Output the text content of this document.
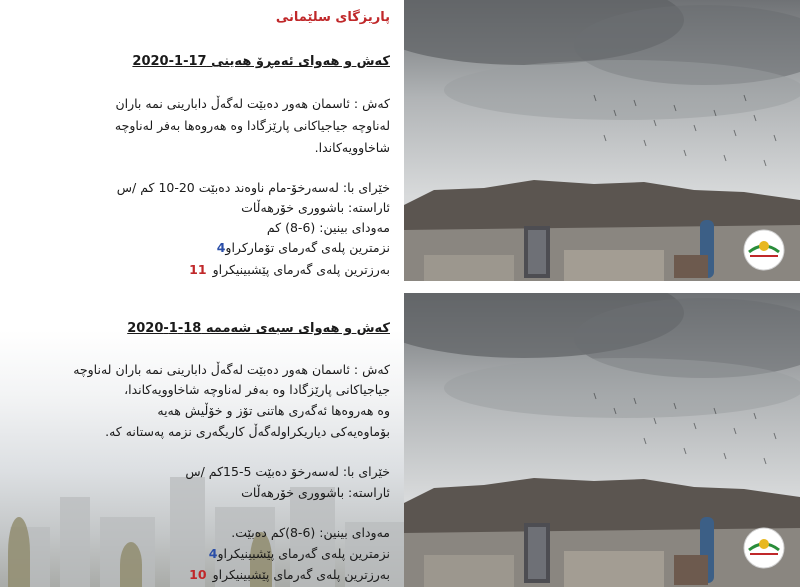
پاریزگای سلێمانی
کەش و هەوای ئەمڕۆ هەینی 17-1-2020
کەش : ئاسمان هەور دەبێت لەگەڵ دابارینی نمە باران
لەناوچە جیاجیاکانی پارێزگادا وە هەروەها بەفر لەناوچە
شاخاوویەکاندا.
خێرای با: لەسەرخۆ-مام ناوەند دەبێت 20-10 کم /س
ئاراستە: باشووری خۆرهەڵات
مەودای بینین: (6-8) کم
نزمترین پلەی گەرمای تۆمارکراو4
بەرزترین پلەی گەرمای پێشبینیکراو11
کەش و هەوای سبەی شەممە 18-1-2020
کەش : ئاسمان هەور دەبێت لەگەڵ دابارینی نمە باران لەناوچە
جیاجیاکانی پارێزگادا وە بەفر لەناوچە شاخاوویەکاندا،
وە هەروەها ئەگەری هاتنی تۆز و خۆڵیش هەیە
بۆماوەیەکی دیاریکراولەگەڵ کاریگەری نزمە پەستانە کە.
خێرای با: لەسەرخۆ دەبێت 5-15کم /س
ئاراستە: باشووری خۆرهەڵات
مەودای بینین: (6-8)کم دەبێت.
نزمترین پلەی گەرمای پێشبینیکراو4
بەرزترین پلەی گەرمای پێشبینیکراو10
